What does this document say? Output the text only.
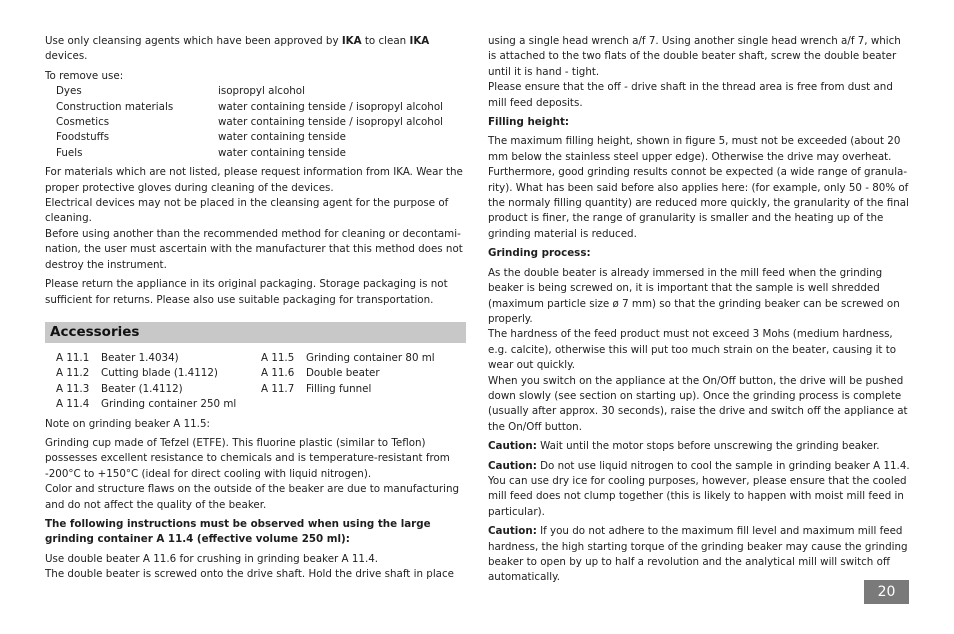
Use only cleansing agents which have been approved by IKA to clean IKA devices.

To remove use:

Dyes	isopropyl alcohol
Construction materials	water containing tenside / isopropyl alcohol
Cosmetics	water containing tenside / isopropyl alcohol
Foodstuffs	water containing tenside
Fuels	water containing tenside

For materials which are not listed, please request information from IKA. Wear the proper protective gloves during cleaning of the devices.

Electrical devices may not be placed in the cleansing agent for the purpose of cleaning.

Before using another than the recommended method for cleaning or decontami-nation, the user must ascertain with the manufacturer that this method does not destroy the instrument.

Please return the appliance in its original packaging. Storage packaging is not sufficient for returns. Please also use suitable packaging for transportation.

Accessories
A 11.1	Beater 1.4034)
A 11.2	Cutting blade (1.4112)
A 11.3	Beater (1.4112)
A 11.4	Grinding container 250 ml
A 11.5	Grinding container 80 ml
A 11.6	Double beater
A 11.7	Filling funnel

Note on grinding beaker A 11.5:

Grinding cup made of Tefzel (ETFE). This fluorine plastic (similar to Teflon) possesses excellent resistance to chemicals and is temperature-resistant from -200°C to +150°C (ideal for direct cooling with liquid nitrogen).

Color and structure flaws on the outside of the beaker are due to manufacturing and do not affect the quality of the beaker.

The following instructions must be observed when using the large grinding container A 11.4 (effective volume 250 ml):

Use double beater A 11.6 for crushing in grinding beaker A 11.4.

The double beater is screwed onto the drive shaft. Hold the drive shaft in place

using a single head wrench a/f 7. Using another single head wrench a/f 7, which is attached to the two flats of the double beater shaft, screw the double beater until it is hand - tight.

Please ensure that the off - drive shaft in the thread area is free from dust and mill feed deposits.

Filling height:

The maximum filling height, shown in figure 5, must not be exceeded (about 20 mm below the stainless steel upper edge). Otherwise the drive may overheat.

Furthermore, good grinding results connot be expected (a wide range of granula-rity). What has been said before also applies here: (for example, only 50 - 80% of the normaly filling quantity) are reduced more quickly, the granularity of the final product is finer, the range of granularity is smaller and the heating up of the grinding material is reduced.

Grinding process:

As the double beater is already immersed in the mill feed when the grinding beaker is being screwed on, it is important that the sample is well shredded (maximum particle size ø 7 mm) so that the grinding beaker can be screwed on properly.

The hardness of the feed product must not exceed 3 Mohs (medium hardness, e.g. calcite), otherwise this will put too much strain on the beater, causing it to wear out quickly.

When you switch on the appliance at the On/Off button, the drive will be pushed down slowly (see section on starting up). Once the grinding process is complete (usually after approx. 30 seconds), raise the drive and switch off the appliance at the On/Off button.

Caution: Wait until the motor stops before unscrewing the grinding beaker.

Caution: Do not use liquid nitrogen to cool the sample in grinding beaker A 11.4. You can use dry ice for cooling purposes, however, please ensure that the cooled mill feed does not clump together (this is likely to happen with moist mill feed in particular).

Caution: If you do not adhere to the maximum fill level and maximum mill feed hardness, the high starting torque of the grinding beaker may cause the grinding beaker to open by up to half a revolution and the analytical mill will switch off automatically.

20
